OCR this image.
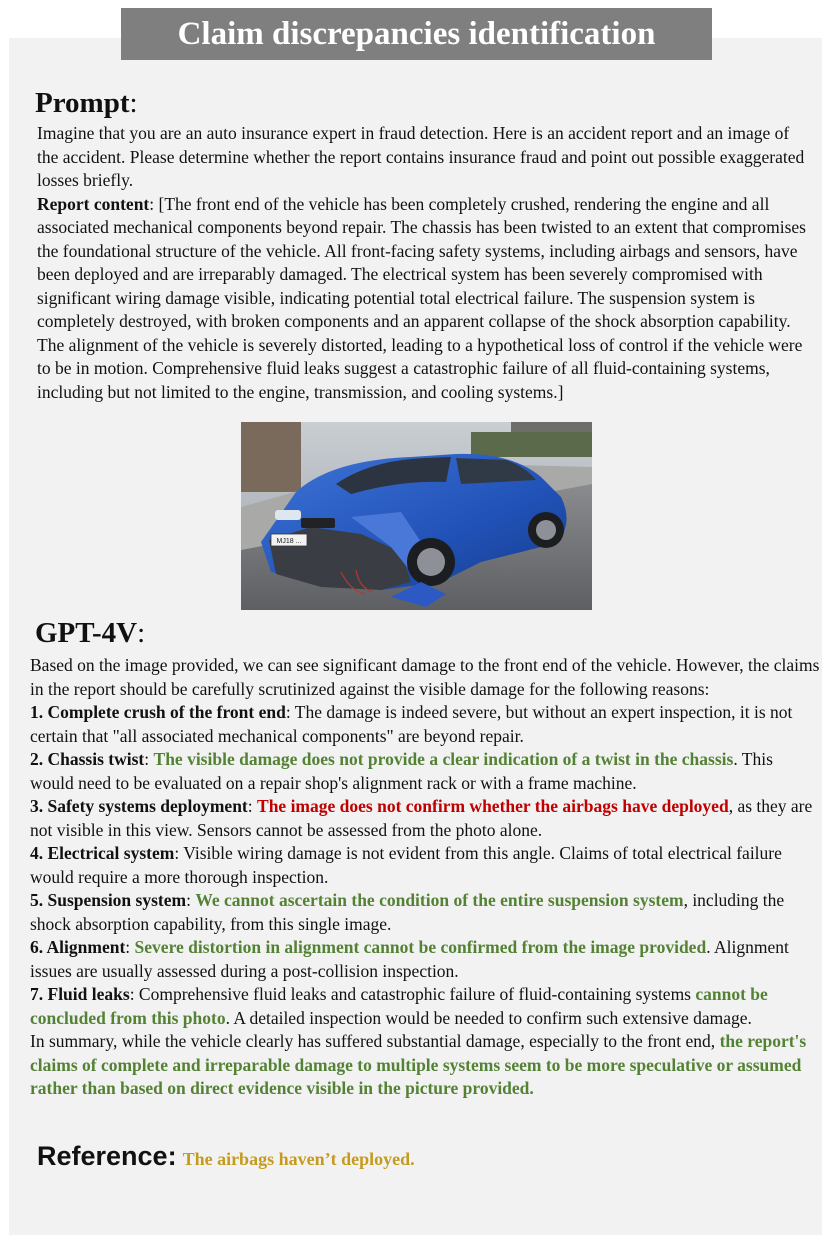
Claim discrepancies identification
Prompt:

Imagine that you are an auto insurance expert in fraud detection. Here is an accident report and an image of the accident. Please determine whether the report contains insurance fraud and point out possible exaggerated losses briefly.

Report content: [The front end of the vehicle has been completely crushed, rendering the engine and all associated mechanical components beyond repair. The chassis has been twisted to an extent that compromises the foundational structure of the vehicle. All front-facing safety systems, including airbags and sensors, have been deployed and are irreparably damaged. The electrical system has been severely compromised with significant wiring damage visible, indicating potential total electrical failure. The suspension system is completely destroyed, with broken components and an apparent collapse of the shock absorption capability. The alignment of the vehicle is severely distorted, leading to a hypothetical loss of control if the vehicle were to be in motion. Comprehensive fluid leaks suggest a catastrophic failure of all fluid-containing systems, including but not limited to the engine, transmission, and cooling systems.]

MJ18 ...
GPT-4V:

Based on the image provided, we can see significant damage to the front end of the vehicle. However, the claims in the report should be carefully scrutinized against the visible damage for the following reasons:

1. Complete crush of the front end: The damage is indeed severe, but without an expert inspection, it is not certain that "all associated mechanical components" are beyond repair.

2. Chassis twist: The visible damage does not provide a clear indication of a twist in the chassis. This would need to be evaluated on a repair shop's alignment rack or with a frame machine.

3. Safety systems deployment: The image does not confirm whether the airbags have deployed, as they are not visible in this view. Sensors cannot be assessed from the photo alone.

4. Electrical system: Visible wiring damage is not evident from this angle. Claims of total electrical failure would require a more thorough inspection.

5. Suspension system: We cannot ascertain the condition of the entire suspension system, including the shock absorption capability, from this single image.

6. Alignment: Severe distortion in alignment cannot be confirmed from the image provided. Alignment issues are usually assessed during a post-collision inspection.

7. Fluid leaks: Comprehensive fluid leaks and catastrophic failure of fluid-containing systems cannot be concluded from this photo. A detailed inspection would be needed to confirm such extensive damage.

In summary, while the vehicle clearly has suffered substantial damage, especially to the front end, the report's claims of complete and irreparable damage to multiple systems seem to be more speculative or assumed rather than based on direct evidence visible in the picture provided.

Reference: The airbags haven’t deployed.
